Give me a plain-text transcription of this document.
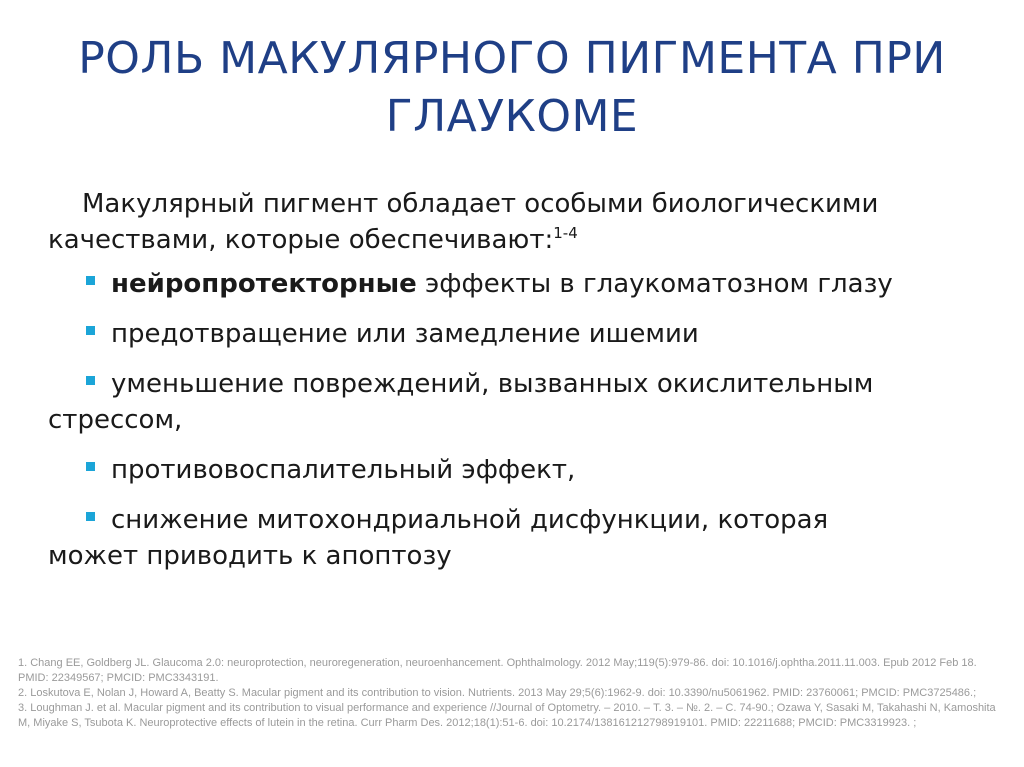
РОЛЬ МАКУЛЯРНОГО ПИГМЕНТА ПРИ
ГЛАУКОМЕ

Макулярный пигмент обладает особыми биологическими
качествами, которые обеспечивают:$^{1-4}$

нейропротекторные эффекты в глаукоматозном глазу
предотвращение или замедление ишемии
уменьшение повреждений, вызванных окислительным
стрессом,
противовоспалительный эффект,
снижение митохондриальной дисфункции, которая
может приводить к апоптозу

1. Chang EE, Goldberg JL. Glaucoma 2.0: neuroprotection, neuroregeneration, neuroenhancement. Ophthalmology. 2012 May;119(5):979-86. doi: 10.1016/j.ophtha.2011.11.003. Epub 2012 Feb 18. PMID: 22349567; PMCID: PMC3343191.

2. Loskutova E, Nolan J, Howard A, Beatty S. Macular pigment and its contribution to vision. Nutrients. 2013 May 29;5(6):1962-9. doi: 10.3390/nu5061962. PMID: 23760061; PMCID: PMC3725486.;

3. Loughman J. et al. Macular pigment and its contribution to visual performance and experience //Journal of Optometry. – 2010. – Т. 3. – №. 2. – С. 74-90.; Ozawa Y, Sasaki M, Takahashi N, Kamoshita M, Miyake S, Tsubota K. Neuroprotective effects of lutein in the retina. Curr Pharm Des. 2012;18(1):51-6. doi: 10.2174/138161212798919101. PMID: 22211688; PMCID: PMC3319923. ;
